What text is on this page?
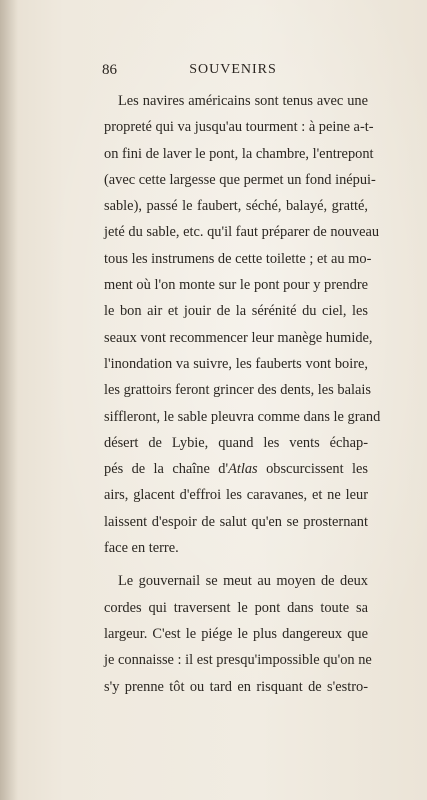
86	SOUVENIRS
Les navires américains sont tenus avec une
propreté qui va jusqu'au tourment : à peine a-t-
on fini de laver le pont, la chambre, l'entrepont
(avec cette largesse que permet un fond inépui-
sable), passé le faubert, séché, balayé, gratté,
jeté du sable, etc. qu'il faut préparer de nouveau
tous les instrumens de cette toilette ; et au mo-
ment où l'on monte sur le pont pour y prendre
le bon air et jouir de la sérénité du ciel, les
seaux vont recommencer leur manège humide,
l'inondation va suivre, les fauberts vont boire,
les grattoirs feront grincer des dents, les balais
siffleront, le sable pleuvra comme dans le grand
désert de Lybie, quand les vents échap-
pés de la chaîne d'Atlas obscurcissent les
airs, glacent d'effroi les caravanes, et ne leur
laissent d'espoir de salut qu'en se prosternant
face en terre.
Le gouvernail se meut au moyen de deux
cordes qui traversent le pont dans toute sa
largeur. C'est le piége le plus dangereux que
je connaisse : il est presqu'impossible qu'on ne
s'y prenne tôt ou tard en risquant de s'estro-
